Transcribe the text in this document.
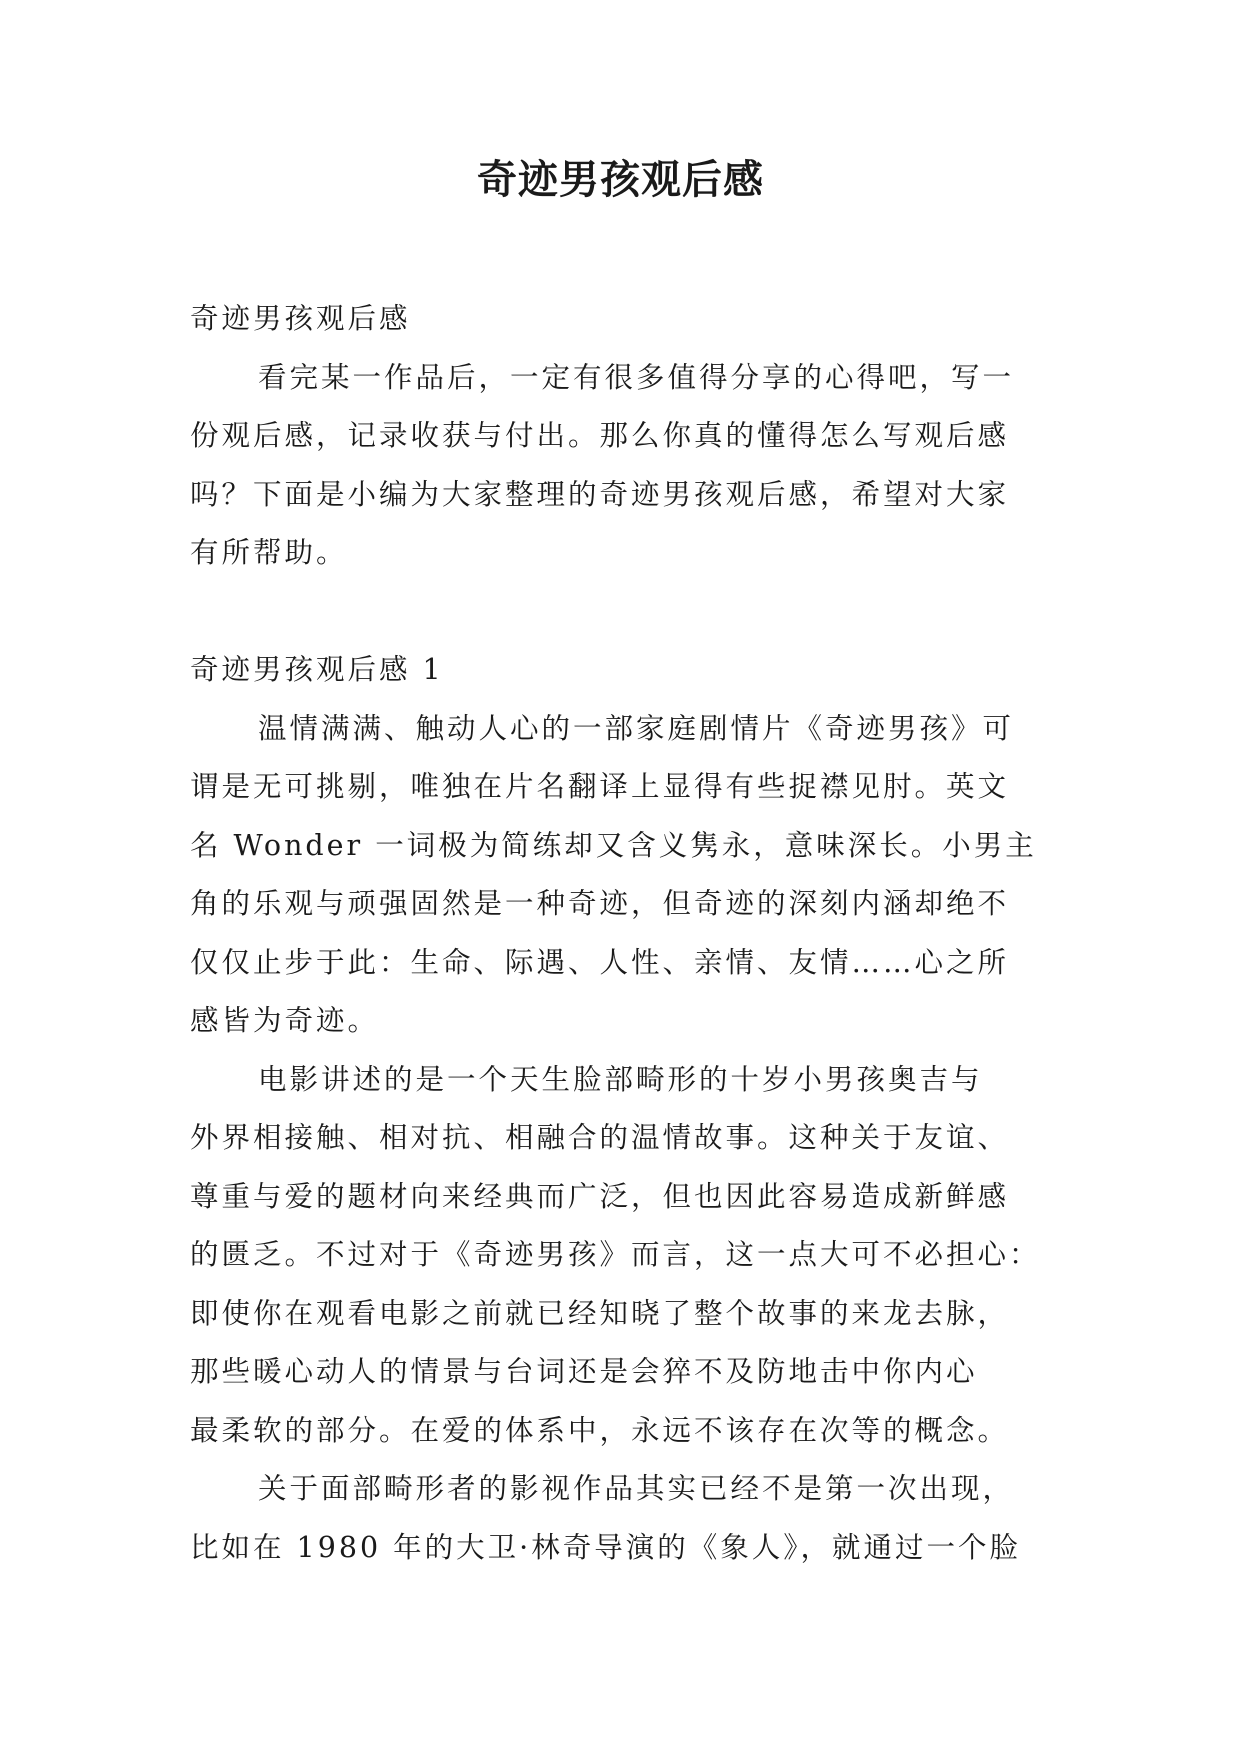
奇迹男孩观后感

奇迹男孩观后感

看完某一作品后，一定有很多值得分享的心得吧，写一

份观后感，记录收获与付出。那么你真的懂得怎么写观后感

吗？下面是小编为大家整理的奇迹男孩观后感，希望对大家

有所帮助。

奇迹男孩观后感 1

温情满满、触动人心的一部家庭剧情片《奇迹男孩》可

谓是无可挑剔，唯独在片名翻译上显得有些捉襟见肘。英文

名 Wonder 一词极为简练却又含义隽永，意味深长。小男主

角的乐观与顽强固然是一种奇迹，但奇迹的深刻内涵却绝不

仅仅止步于此：生命、际遇、人性、亲情、友情……心之所

感皆为奇迹。

电影讲述的是一个天生脸部畸形的十岁小男孩奥吉与

外界相接触、相对抗、相融合的温情故事。这种关于友谊、

尊重与爱的题材向来经典而广泛，但也因此容易造成新鲜感

的匮乏。不过对于《奇迹男孩》而言，这一点大可不必担心：

即使你在观看电影之前就已经知晓了整个故事的来龙去脉，

那些暖心动人的情景与台词还是会猝不及防地击中你内心

最柔软的部分。在爱的体系中，永远不该存在次等的概念。

关于面部畸形者的影视作品其实已经不是第一次出现，

比如在 1980 年的大卫·林奇导演的《象人》，就通过一个脸
